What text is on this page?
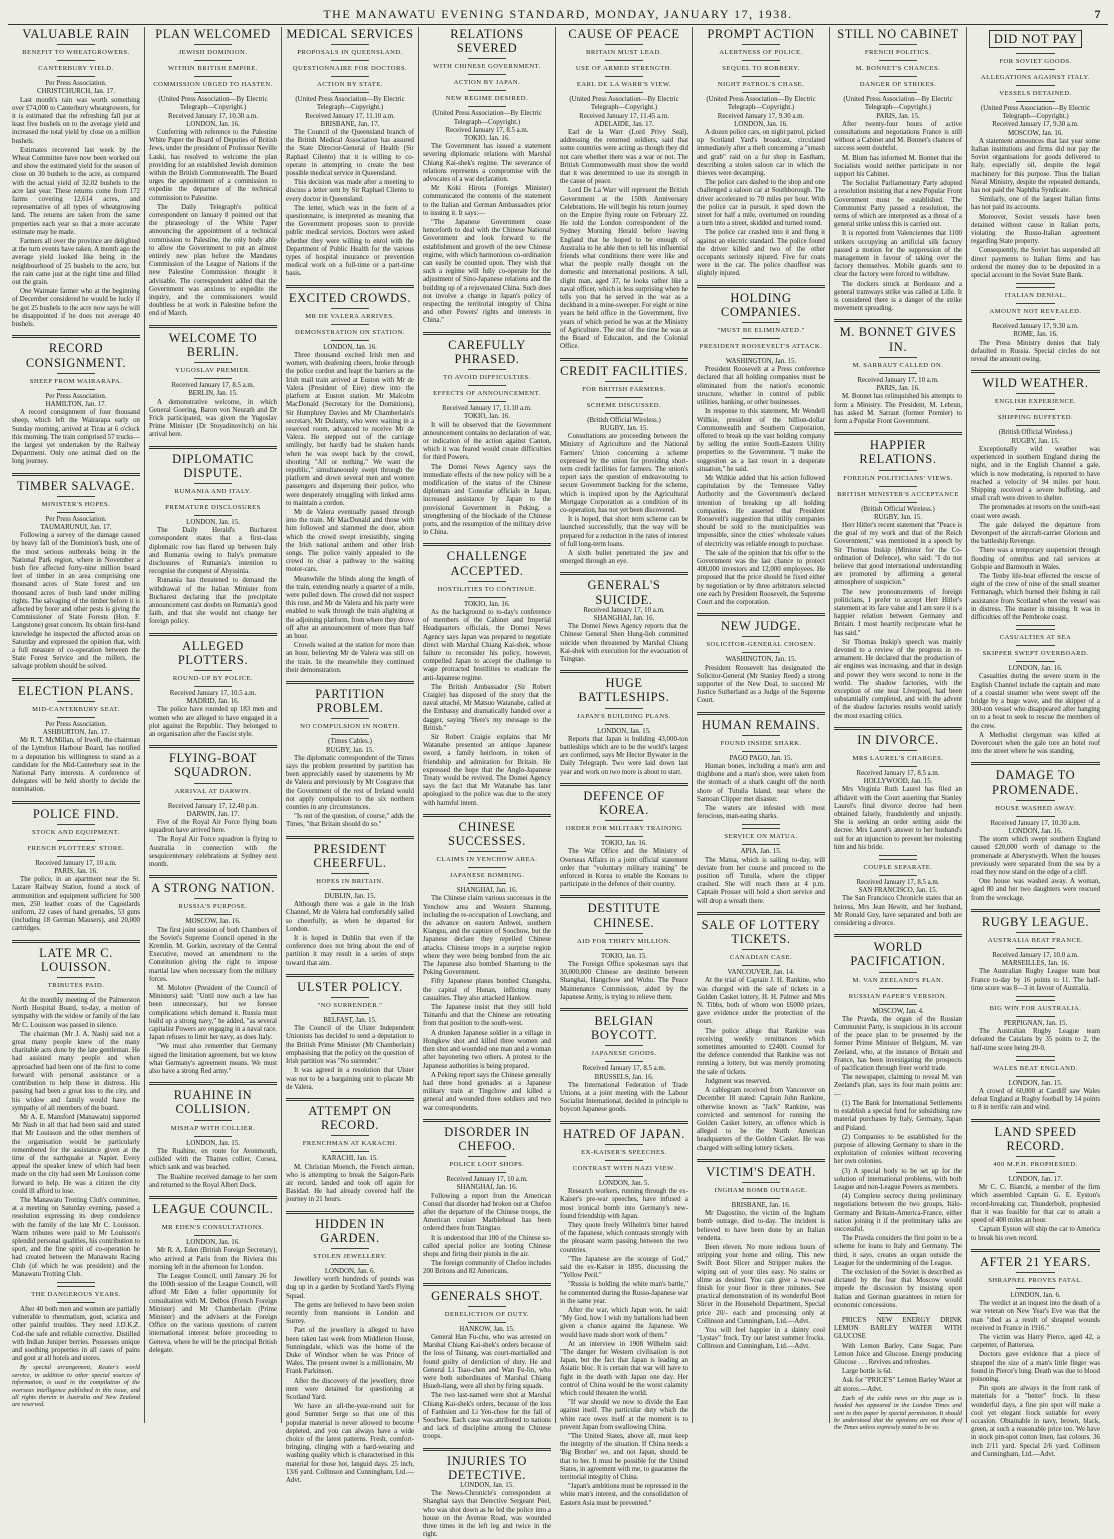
THE MANAWATU EVENING STANDARD, MONDAY, JANUARY 17, 1938.	7
VALUABLE RAIN
BENEFIT TO WHEATGROWERS.
CANTERBURY YIELD.
Per Press Association.
CHRISTCHURCH, Jan. 17.

Last month's rain was worth something over £74,000 to Canterbury wheatgrowers, for it is estimated that the refreshing fall put at least five bushels on to the average yield and increased the total yield by close on a million bushels.

Estimates recovered last week by the Wheat Committee have now been worked out and show the estimated yield for the season of close on 30 bushels to the acre, as compared with the actual yield of 32.02 bushels to the acre last year. These returns come from 172 farms covering 12,614 acres, and representative of all types of wheatgrowing land. The returns are taken from the same properties each year so that a more accurate estimate may be made.

Farmers all over the province are delighted at the turn events have taken. A month ago the average yield looked like being in the neighbourhood of 25 bushels to the acre, but the rain came just at the right time and filled out the grain.

One Waimate farmer who at the beginning of December considered he would be lucky if he got 25 bushels to the acre now says he will be disappointed if he does not average 40 bushels.

RECORD CONSIGNMENT.
SHEEP FROM WAIRARAPA.
Per Press Association.
HAMILTON, Jan. 17.

A record consignment of four thousand sheep, which left the Wairarapa early on Sunday morning, arrived at Tirau at 6 o'clock this morning. The train comprised 57 trucks—the largest yet undertaken by the Railway Department. Only one animal died on the long journey.

TIMBER SALVAGE.
MINISTER'S HOPES.
Per Press Association.
TAUMARUNUI, Jan. 17.

Following a survey of the damage caused by heavy fall of the Dominion's bush, one of the most serious outbreaks being in the National Park region, where in November a bush fire affected forty-nine million board feet of timber in an area comprising one thousand acres of State forest and ten thousand acres of bush land under milling rights. The salvaging of the timber before it is affected by borer and other pests is giving the Commissioner of State Forests (Hon. F. Langstone) great concern. Its obtain first-hand knowledge he inspected the affected areas on Saturday and expressed the opinion that, with a full measure of co-operation between the State Forest Service and the millers, the salvage problem should be solved.

ELECTION PLANS.
MID-CANTERBURY SEAT.
Per Press Association.
ASHBURTON, Jan. 17.

Mr R. T. McMillan, of Irwell, the chairman of the Lyttelton Harbour Board, has notified to a deputation his willingness to stand as a candidate for the Mid-Canterbury seat in the National Party interests. A conference of delegates will be held shortly to decide the nomination.

POLICE FIND.
STOCK AND EQUIPMENT.
FRENCH PLOTTERS' STORE.
Received January 17, 10 a.m.
PARIS, Jan. 16.

The police, in an apartment near the St. Lazare Railway Station, found a stock of ammunition and equipment sufficient for 500 men, 250 leather coats of the Cagoulards uniform, 22 cases of hand grenades, 53 guns (including 18 German Mausers), and 20,000 cartridges.

LATE MR C. LOUISSON.
TRIBUTES PAID.

At the monthly meeting of the Palmerston North Hospital Board, to-day, a motion of sympathy with the widow or family of the late Mr C. Louisson was passed in silence.

The chairman (Mr J. A. Nash) said not a great many people knew of the many charitable acts done by the late gentleman. He had assisted many people and when approached had been one of the first to come forward with personal assistance or a contribution to help those in distress. His passing had been a great loss to the city, and his widow and family would have the sympathy of all members of the board.

Mr A. E. Mansford (Manawatu) supported Mr Nash in all that had been said and stated that Mr Louisson and the other members of the organisation would be particularly remembered for the assistance given at the time of the earthquake at Napier. Every appeal the speaker knew of which had been made on the city had seen Mr Louisson come forward to help. He was a citizen the city could ill afford to lose.

The Manawatu Trotting Club's committee, at a meeting on Saturday evening, passed a resolution expressing its deep condolence with the family of the late Mr C. Louisson. Warm tributes were paid to Mr Louisson's splendid personal qualities, his contribution to sport, and the fine spirit of co-operation he had created between the Manawatu Racing Club (of which he was president) and the Manawatu Trotting Club.

THE DANGEROUS YEARS.

After 40 both men and women are partially vulnerable to rheumatism, gout, sciatica and other painful troubles. They need J.D.K.Z. Cod-the safe and reliable corrective. Distilled with Indian Juniper berries. Possesses unique and soothing properties in all cases of pains and gout at all hotels and stores.

By special arrangement, Reuter's world service, in addition to other special sources of information, is used in the compilation of the overseas intelligence published in this issue, and all rights therein in Australia and New Zealand are reserved.

PLAN WELCOMED
JEWISH DOMINION.
WITHIN BRITISH EMPIRE.
COMMISSION URGED TO HASTEN.
(United Press Association—By Electric Telegraph—Copyright.)
Received January 17, 10.30 a.m.
LONDON, Jan. 16.

Conferring with reference to the Palestine White Paper the Board of Deputies of British Jews, under the president of Professor Neville Laski, has resolved to welcome the plan providing for an established Jewish dominion within the British Commonwealth. The Board urges the appointment of a commission to expedite the departure of the technical commission to Palestine.

The Daily Telegraph's political correspondent on January 8 pointed out that the phraseology of the White Paper announcing the appointment of a technical commission to Palestine, the only body able to allow the Government to put an almost entirely new plan before the Mandates Commission of the League of Nations if the new Palestine Commission thought it advisable. The correspondent added that the Government was anxious to expedite the inquiry, and the commissioners would doubtless be at work in Palestine before the end of March.

WELCOME TO BERLIN.
YUGOSLAV PREMIER.
Received January 17, 8.5 a.m.
BERLIN, Jan. 15.

A demonstrative welcome, in which General Goering, Baron von Neurath and Dr Frick participated, was given the Yugoslav Prime Minister (Dr Stoyadinovitch) on his arrival here.

DIPLOMATIC DISPUTE.
RUMANIA AND ITALY.
PREMATURE DISCLOSURES
LONDON, Jan. 15.

The Daily Herald's Bucharest correspondent states that a first-class diplomatic row has flared up between Italy and Rumania owing to Italy's premature disclosures of Rumania's intention to recognise the conquest of Abyssinia.

Rumania has threatened to demand the withdrawal of the Italian Minister from Bucharest declaring that the precipitate announcement cast doubts on Rumania's good faith, and that she would not change her foreign policy.

ALLEGED PLOTTERS.
ROUND-UP BY POLICE.
Received January 17, 10.5 a.m.
MADRID, Jan. 16.

The police have rounded up 183 men and women who are alleged to have engaged in a plot against the Republic. They belonged to an organisation after the Fascist style.

FLYING-BOAT SQUADRON.
ARRIVAL AT DARWIN.
Received January 17, 12.40 p.m.
DARWIN, Jan. 17.

Five of the Royal Air Force flying boats squadron have arrived here.

The Royal Air Force squadron is flying to Australia in connection with the sesquicentenary celebrations at Sydney next month.

A STRONG NATION.
RUSSIA'S PURPOSE.
MOSCOW, Jan. 16.

The first joint session of both Chambers of the Soviet's Supreme Council opened in the Kremlin. M. Gorkin, secretary of the Central Executive, moved an amendment to the Constitution giving the right to impose martial law when necessary from the military forces.

M. Molotov (President of the Council of Ministers) said: "Until now such a law has been unnecessary, but we foresee complications which demand it. Russia must build up a strong navy," he added, "as several capitalist Powers are engaging in a naval race. Japan refuses to limit her navy, as does Italy.

"We must also remember that Germany signed the limitation agreement, but we know what Germany's agreement means. We must also have a strong Red army."

RUAHINE IN COLLISION.
MISHAP WITH COLLIER.
LONDON, Jan. 15.

The Ruahine, en route for Avonmouth, collided with the Thames collier, Corsea, which sank and was beached.

The Ruahine received damage to her stem and returned to the Royal Albert Dock.

LEAGUE COUNCIL.
MR EDEN'S CONSULTATIONS.
LONDON, Jan. 16.

Mr R. A. Eden (British Foreign Secretary), who arrived at Paris from the Riviera this morning left in the afternoon for London.

The League Council, until January 26 for the 100th session of the League Council, will afford Mr Eden a fuller opportunity for consultation with M. Delbos (French Foreign Minister) and Mr Chamberlain (Prime Minister) and the advisers at the Foreign Office on the various questions of current international interest before proceeding to Geneva, where he will be the principal British delegate.

MEDICAL SERVICES
PROPOSALS IN QUEENSLAND.
QUESTIONNAIRE FOR DOCTORS.
ACTION BY STATE.
(United Press Association—By Electric Telegraph—Copyright.)
Received January 17, 11.10 a.m.
BRISBANE, Jan. 17.

The Council of the Queensland branch of the British Medical Association has assured the State Director-General of Health (Sir Raphael Cilento) that it is willing to co-operate in attempting to create the best possible medical service in Queensland.

This decision was made after a meeting to discuss a letter sent by Sir Raphael Cilento to every doctor in Queensland.

The letter, which was in the form of a questionnaire, is interpreted as meaning that the Government proposes soon to provide public medical services. Doctors were asked whether they were willing to enrol with the Department of Public Health for the various types of hospital insurance or prevention medical work on a full-time or a part-time basis.

EXCITED CROWDS.
MR DE VALERA ARRIVES.
DEMONSTRATION ON STATION.
LONDON, Jan. 16.

Three thousand excited Irish men and women, with deafening cheers, broke through the police cordon and leapt the barriers as the Irish mail train arrived at Euston with Mr de Valera (President of Eire) drew into the platform at Euston station. Mr Malcolm MacDonald (Secretary for the Dominions), Sir Humphrey Davies and Mr Chamberlain's secretary, Mr Dulanty, who were waiting in a reserved room, advanced to receive Mr de Valera. He stepped out of the carriage smilingly, but hardly had he shaken hands when he was swept back by the crowd, shouting "All or nothing." We want the republic," simultaneously swept through the platform and down several men and women passengers and dispersing their police, who were desperately struggling with linked arms to maintain a cordon.

Mr de Valera eventually passed through into the train. Mr MacDonald and those with him followed and slammed the door, about which the crowd swept irresistibly, singing the Irish national anthem and other Irish songs. The police vainly appealed to the crowd to clear a pathway to the waiting motor-cars.

Meanwhile the blinds along the length of the train, extending nearly a quarter of a mile, were pulled down. The crowd did not suspect this ruse, and Mr de Valera and his party were enabled to walk through the train alighting at the adjoining platform, from where they drove off after an announcement of more than half an hour.

Crowds waited at the station for more than an hour, believing Mr de Valera was still on the train. In the meanwhile they continued their demonstration.

PARTITION PROBLEM.
NO COMPULSION IN NORTH.
(Times Cables.)
RUGBY, Jan. 15.

The diplomatic correspondent of the Times says the problem presented by partition has been appreciably eased by statements by Mr de Valera and previously by Mr Cosgrave that the Government of the rest of Ireland would not apply compulsion to the six northern counties in any circumstances.

"Is out of the question, of course," adds the Times, "that Britain should do so."

PRESIDENT CHEERFUL.
HOPES IN BRITAIN.
DUBLIN, Jan. 15.

Although there was a gale in the Irish Channel, Mr de Valera had comfortably sailed so cheerfully, as when he departed for London.

It is hoped in Dublin that even if the conference does not bring about the end of partition it may result in a series of steps toward that aim.

ULSTER POLICY.
"NO SURRENDER."
BELFAST, Jan. 15.

The Council of the Ulster Independent Unionists has decided to send a deputation to the British Prime Minister (Mr Chamberlain) emphasising that the policy on the question of Irish partition was "No surrender."

It was agreed in a resolution that Ulster was not to be a bargaining unit to placate Mr de Valera.

ATTEMPT ON RECORD.
FRENCHMAN AT KARACHI.
KARACHI, Jan. 15.

M. Christian Moench, the French airman, who is attempting to break the Saigon-Paris air record, landed and took off again for Basidad. He had already covered half the journey in 21 hours.

HIDDEN IN GARDEN.
STOLEN JEWELLERY.
LONDON, Jan. 6.

Jewellery worth hundreds of pounds was dug up in a garden by Scotland Yard's Flying Squad.

The gems are believed to have been stolen recently from mansions in London and Surrey.

Part of the jewellery is alleged to have been taken last week from Middleton House, Sunningdale, which was the home of the Duke of Windsor when he was Prince of Wales. The present owner is a millionaire, Mr Frank Parkinson.

After the discovery of the jewellery, three men were detained for questioning at Scotland Yard.

We have an all-the-year-round suit for good Summer Serge so that one of this popular material is never allowed to become depleted, and you can always have a wide choice of the latest patterns. Fresh, comfort-bringing, clinging with a hard-wearing and washing quality which is characterised in this material for those hot, languid days. 25 inch, 13/6 yard. Collinson and Cunningham, Ltd.—Advt.

RELATIONS SEVERED
WITH CHINESE GOVERNMENT.
ACTION BY JAPAN.
NEW REGIME DESIRED.
(United Press Association—By Electric Telegraph—Copyright.)
Received January 17, 8.5 a.m.
TOKIO, Jan. 16.

The Government has issued a statement severing diplomatic relations with Marshal Chiang Kai-shek's regime. The severance of relations represents a compromise with the advocates of a war declaration.

Mr Koki Hirota (Foreign Minister) communicated the contents of the statement to the Italian and German Ambassadors prior to issuing it. It says:—

"The Japanese Government cease henceforth to deal with the Chinese National Government and look forward to the establishment and growth of the new Chinese regime, with which harmonious co-ordination can easily be counted upon. They wish that such a regime will fully co-operate for the adjustment of Sino-Japanese relations and the building up of a rejuvenated China. Such does not involve a change in Japan's policy of respecting the territorial integrity of China and other Powers' rights and interests in China."

CAREFULLY PHRASED.
TO AVOID DIFFICULTIES.
EFFECTS OF ANNOUNCEMENT.
Received January 17, 11.10 a.m.
TOKIO, Jan. 16.

It will be observed that the Government announcement contains no declaration of war, or indication of the action against Canton, which it was feared would create difficulties for third Powers.

The Domei News Agency says the immediate effects of the new policy will be a modification of the status of the Chinese diplomats and Consular officials in Japan, increased assistance by Japan to the provisional Government in Peking, a strengthening of the blockade of the Chinese ports, and the resumption of the military drive in China.

CHALLENGE ACCEPTED.
HOSTILITIES TO CONTINUE.
TOKIO, Jan. 16.

As the background to to-day's conference of members of the Cabinet and Imperial Headquarters officials, the Domei News Agency says Japan was prepared to negotiate direct with Marshal Chiang Kai-shek, whose failure to reconsider his policy, however, compelled Japan to accept the challenge to wage protracted hostilities to eradicate the anti-Japanese regime.

The British Ambassador (Sir Robert Craigie) has disposed of the story that the naval attaché, Mr Matsuo Watanabe, called at the Embassy and dramatically handed over a dagger, saying "Here's my message to the British."

Sir Robert Craigie explains that Mr Watanabe presented an antique Japanese sword, a family heirloom, in token of friendship and admiration for Britain. He expressed the hope that the Anglo-Japanese Treaty would be revived. The Domei Agency says the fact that Mr Watanabe has later apologised to the police was due to the story with harmful intent.

CHINESE SUCCESSES.
CLAIMS IN YENCHOW AREA.
JAPANESE BOMBING.
SHANGHAI, Jan. 16.

The Chinese claim various successes in the Yenchow area and Western Shantung, including the re-occupation of Lowchang, and the advance on eastern Anhwei, southern Kiangsu, and the capture of Soochow, but the Japanese declare they repelled Chinese attacks. Chinese troops in a surprise region where they were being bombed from the air. The Japanese also bombed Shantung to the Peking Government.

Fifty Japanese planes bombed Changsha, the capital of Hunan, inflicting many casualties. They also attacked Hankow.

The Japanese insist that they still hold Tsinanfu and that the Chinese are retreating from that position to the south-west.

A drunken Japanese soldier in a village in Hongkew shot and killed three women and then shot and wounded one man and a woman after bayoneting two others. A protest to the Japanese authorities is being prepared.

A Peking report says the Chinese generally had three bond grenades at a Japanese military train at Tingchow and killed a general and wounded three soldiers and two war correspondents.

DISORDER IN CHEFOO.
POLICE LOOT SHOPS.
Received January 17, 10 a.m.
SHANGHAI, Jan. 16.

Following a report from the American Consul that disorder had broken out at Chefoo after the departure of the Chinese troops, the American cruiser Marblehead has been ordered there from Tsingtao.

It is understood that 100 of the Chinese so-called special police are looting Chinese shops and firing their pistols in the air.

The foreign community of Chefoo includes 200 Britons and 82 Americans.

GENERALS SHOT.
DERELICTION OF DUTY.
HANKOW, Jan. 15.

General Han Fu-chu, who was arrested on Marshal Chiang Kai-shek's orders because of the loss of Tsinang, was court-martialled and found guilty of dereliction of duty. He and General Li Tsao-chen and Wan Fu-lin, who were both subordinates of Marshal Chiang Hsueh-liang, were all shot by firing squads.

The two last-named were shot at Marshal Chiang Kai-shek's orders, because of the loss of Fanhsien and Li Yen-chow for the fall of Soochow. Each case was attributed to nations and lack of discipline among the Chinese troops.

INJURIES TO DETECTIVE.
LONDON, Jan. 15.

The News-Chronicle's correspondent at Shanghai says that Detective Sergeant Peel, who was shot down as he led the police into a house on the Avenue Road, was wounded three times in the left leg and twice in the right.

CAUSE OF PEACE
BRITAIN MUST LEAD.
USE OF ARMED STRENGTH.
EARL DE LA WARR'S VIEW.
(United Press Association—By Electric Telegraph—Copyright.)
Received January 17, 11.45 a.m.
ADELAIDE, Jan. 17.

Earl de la Warr (Lord Privy Seal), addressing the returned soldiers, said that some countries were acting as though they did not care whether there was a war or not. The British Commonwealth must show the world that it was determined to use its strength in the cause of peace.

Lord De La Warr will represent the British Government at the 150th Anniversary Celebrations. He will begin his return journey on the Empire flying route on February 22. He told the London correspondent of the Sydney Morning Herald before leaving England that he hoped to be enough of Australia to be able then to tell his influential friends what conditions there were like and what the people really thought on the domestic and international positions. A tall, slight man, aged 37, he looks rather like a naval officer, which is less surprising when he tells you that he served in the war as a deckhand in a mine-sweeper. For eight or nine years he held office in the Government, five years of which period he was at the Ministry of Agriculture. The rest of the time he was at the Board of Education, and the Colonial Office.

CREDIT FACILITIES.
FOR BRITISH FARMERS.
SCHEME DISCUSSED.
(British Official Wireless.)
RUGBY, Jan. 15.

Consultations are proceeding between the Ministry of Agriculture and the National Farmers' Union concerning a scheme expressed by the union for providing short-term credit facilities for farmers. The union's report says the question of endeavouring to secure Government backing for the scheme, which is inspired upon by the Agricultural Mortgage Corporation as a condition of its co-operation, has not yet been discovered.

It is hoped, that short term scheme can be launched successfully, that the way will be prepared for a reduction in the rates of interest of full long-term loans.

A sixth bullet penetrated the jaw and emerged through an eye.

GENERAL'S SUICIDE.
Received January 17, 10 a.m.
SHANGHAI, Jan. 16.

The Domei News Agency reports that the Chinese General Shen Hung-lieh committed suicide when threatened by Marshal Chiang Kai-shek with execution for the evacuation of Tsingtao.

HUGE BATTLESHIPS.
JAPAN'S BUILDING PLANS.
LONDON, Jan. 15.

Reports that Japan is building 43,000-ton battleships which are to be the world's largest are confirmed, says Mr Hector Bywater in the Daily Telegraph. Two were laid down last year and work on two more is about to start.

DEFENCE OF KOREA.
ORDER FOR MILITARY TRAINING
TOKIO, Jan. 16.

The War Office and the Ministry of Overseas Affairs in a joint official statement order that "voluntary military training" be enforced in Korea to enable the Koreans to participate in the defence of their country.

DESTITUTE CHINESE.
AID FOR THIRTY MILLION.
TOKIO, Jan. 15.

The Foreign Office spokesman says that 30,000,000 Chinese are destitute between Shanghai, Hangchow and Wuhu. The Peace Maintenance Commission, aided by the Japanese Army, is trying to relieve them.

BELGIAN BOYCOTT.
JAPANESE GOODS.
Received January 17, 8.5 a.m.
BRUSSELS, Jan. 16.

The International Federation of Trade Unions, at a joint meeting with the Labour Socialist International, decided in principle to boycott Japanese goods.

HATRED OF JAPAN.
EX-KAISER'S SPEECHES.
CONTRAST WITH NAZI VIEW.
LONDON, Jan. 5.

Research workers, running through the ex-Kaiser's pre-war speeches, have infused a most ironical bomb into Germany's new-found friendship with Japan.

They quote freely Wilhelm's bitter hatred of the Japanese, which contrasts strongly with the pleasant warm passing between the two countries.

"The Japanese are the scourge of God," said the ex-Kaiser in 1895, discussing the "Yellow Peril."

"Russia is holding the white man's battle," he commented during the Russo-Japanese war in the same year.

After the war, which Japan won, he said: "My God, how I wish my battalions had been given a chance against the Japanese. We would have made short work of them."

At an interview in 1908 Wilhelm said: "The danger for Western civilisation is not Japan, but the fact that Japan is leading an Asiatic bloc. It is certain that war will have to fight in the death with Japan one day. Her control of China would be the worst calamity which could threaten the world.

"If war should we now to divide the East against itself. The particular duty which the white race owes itself at the moment is to prevent Japan from swallowing China.

"The United States, above all, must keep the integrity of the situation. If China needs a 'Big Brother' we, and not Japan, should be that to her. It must be possible for the United States, in agreement with me, to guarantee the territorial integrity of China.

"Japan's ambitions must be repressed in the white man's interest, and the consolidation of Eastern Asia must be prevented."

PROMPT ACTION
ALERTNESS OF POLICE.
SEQUEL TO ROBBERY.
NIGHT PATROL'S CHASE.
(United Press Association—By Electric Telegraph—Copyright.)
Received January 17, 9.30 a.m.
LONDON, Jan. 16.

A dozen police cars, on night patrol, picked up Scotland Yard's broadcast, circulated immediately after a theft concerning a "smash and grab" raid on a fur shop in Eastham, describing a stolen saloon car in which the thieves were decamping.

The police cars dashed to the shop and one challenged a saloon car at Southborough. The driver accelerated to 70 miles per hour. With the police car in pursuit, it sped down the street for half a mile, overturned on rounding a turn into a street, skidded and turned round.

The police car crashed into it and flung it against an electric standard. The police found the driver killed and two of the other occupants seriously injured. Five fur coats were in the car. The police chauffeur was slightly injured.

HOLDING COMPANIES.
"MUST BE ELIMINATED."
PRESIDENT ROOSEVELT'S ATTACK.
WASHINGTON, Jan. 15.

President Roosevelt at a Press conference declared that all holding companies must be eliminated from the nation's economic structure, whether in control of public utilities, banking, or other businesses.

In response to this statement, Mr Wendell Willkie, president of the billion-dollar Commonwealth and Southern Corporation, offered to break up the vast holding company by selling the entire South-Eastern Utility properties to the Government. "I make the suggestion as a last resort in a desperate situation," he said.

Mr Willkie added that his action followed capitulation by the Tennessee Valley Authority and the Government's declared intention of breaking up all holding companies. He asserted that President Roosevelt's suggestion that utility companies should be sold to the municipalities was impossible, since the cities' wholesale values of electricity was reliable enough to purchase.

The sale of the opinion that his offer to the Government was the last chance to protect 400,000 investors and 12,000 employees. He proposed that the price should be fixed either by negotiation or by three arbitrators selected one each by President Roosevelt, the Supreme Court and the corporation.

NEW JUDGE.
SOLICITOR-GENERAL CHOSEN.
WASHINGTON, Jan. 15.

President Roosevelt has designated the Solicitor-General (Mr Stanley Reed) a strong supporter of the New Deal, to succeed Mr Justice Sutherland as a Judge of the Supreme Court.

HUMAN REMAINS.
FOUND INSIDE SHARK.
PAGO PAGO, Jan. 15.

Human bones, including a man's arm and thighbone and a man's shoe, were taken from the stomach of a shark caught off the north shore of Tutuila Island, near where the Samoan Clipper met disaster.

The waters are infested with most ferocious, man-eating sharks.

SERVICE ON MATUA.
APIA, Jan. 15.

The Matua, which is sailing to-day, will deviate from her course and proceed to the position off Tutuila, where the clipper crashed. She will reach there at 4 p.m. Captain Prosser will hold a short service and will drop a wreath there.

SALE OF LOTTERY TICKETS.
CANADIAN CASE.
VANCOUVER, Jan. 14.

At the trial of Captain J. H. Rankine, who was charged with the sale of tickets in a Golden Casket lottery, H. H. Palmer and Mrs N. Tibbs, both of whom won £6000 prizes, gave evidence under the protection of the court.

The police allege that Rankine was receiving weekly remittances which sometimes amounted to £2400. Counsel for the defence contended that Rankine was not running a lottery, but was merely promoting the sale of tickets.

Judgment was reserved.

A cablegram received from Vancouver on December 18 stated: Captain John Rankine, otherwise known as "Jack" Rankine, was convicted and sentenced for running the Golden Casket lottery, an offence which is alleged to be the North American headquarters of the Golden Casket. He was charged with selling lottery tickets.

VICTIM'S DEATH.
INGHAM BOMB OUTRAGE.
BRISBANE, Jan. 16.

Mr Dagostino, the victim of the Ingham bomb outrage, died to-day. The incident is believed to have been done by an Italian vendetta.

Been eleven. No more tedious hours of stripping your home and oiling. This new Swift Boot Slicer and Stripper makes the wiping out of your tiles easy. No stains or slime as desired. You can give a two-coat finish for your floor in three minutes. See practical demonstration of its wonderful Boot Slicer in the Household Department, Special price 20/- each and processing only at Collinson and Cunningham, Ltd.—Advt.

You will feel happier in a dainty cool "Lystav" frock. Try our latest summer frocks. Collinson and Cunningham, Ltd.—Advt.

STILL NO CABINET
FRENCH POLITICS.
M. BONNET'S CHANCES.
DANGER OF STRIKES.
(United Press Association—By Electric Telegraph—Copyright.)
PARIS, Jan. 15.

After twenty-four hours of active consultations and negotiations France is still without a Cabinet and M. Bonnet's chances of success seem doubtful.

M. Blum has informed M. Bonnet that the Socialists would neither participate in nor support his Cabinet.

The Socialist Parliamentary Party adopted a resolution insisting that a new Popular Front Government must be established. The Communist Party passed a resolution, the terms of which are interpreted as a threat of a general strike unless this is carried out.

It is reported from Valenciennes that 1100 strikers occupying an artificial silk factory passed a motion for the suppression of the management in favour of taking over the factory themselves. Mobile guards sent to clear the factory were forced to withdraw.

The dockers struck at Bordeaux and a general tramways strike was called at Lille. It is considered there is a danger of the strike movement spreading.

M. BONNET GIVES IN.
M. SARRAUT CALLED ON.
Received January 17, 10 a.m.
PARIS, Jan. 16.

M. Bonnet has relinquished his attempts to form a Ministry. The President, M. Lebrun, has asked M. Sarraut (former Premier) to form a Popular Front Government.

HAPPIER RELATIONS.
FOREIGN POLITICIANS' VIEWS.
BRITISH MINISTER'S ACCEPTANCE
(British Official Wireless.)
RUGBY, Jan. 15.

Herr Hitler's recent statement that "Peace is the goal of my work and that of the Reich Government," was mentioned in a speech by Sir Thomas Inskip (Minister for the Co-ordination of Defence), who said: "I do not believe that good international understanding are promoted by affirming a general atmosphere of suspicion."

The new pronouncements of foreign politicians, I prefer to accept Herr Hitler's statement at its face value and I am sure it is a happier relation between Germany and Britain. I most heartily reciprocate what he has said."

Sir Thomas Inskip's speech was mainly devoted to a review of the progress in re-armament. He declared that the production of air engines was increasing, and that in design and power they were second to none in the world. The shadow factories, with the exception of one near Liverpool, had been substantially completed, and with the advent of the shadow factories results would satisfy the most exacting critics.

IN DIVORCE.
MRS LAUREL'S CHARGES.
Received January 17, 8.5 a.m.
HOLLYWOOD, Jan. 15.

Mrs Virginia Ruth Laurel has filed an affidavit with the Court asserting that Stanley Laurel's final divorce decree had been obtained falsely, fraudulently and unjustly. She is seeking an order setting aside the decree. Mrs Laurel's answer to her husband's suit for an injunction to prevent her molesting him and his bride.

COUPLE SEPARATE.
Received January 17, 8.5 a.m.
SAN FRANCISCO, Jan. 15.

The San Francisco Chronicle states that an heiress, Mrs Jean Hewitt, and her husband, Mr Ronald Guy, have separated and both are considering a divorce.

WORLD PACIFICATION.
M. VAN ZEELAND'S PLAN.
RUSSIAN PAPER'S VERSION.
MOSCOW, Jan. 4.

The Pravda, the organ of the Russian Communist Party, is suspicious in its account of the peace plan to be presented by the former Prime Minister of Belgium, M. van Zeeland, who, at the instance of Britain and France, has been investigating the prospects of pacification through freer world trade.

The newspaper, claiming to reveal M. van Zeeland's plan, says its four main points are:—

(1) The Bank for International Settlements to establish a special fund for subsidising raw material purchases by Italy, Germany, Japan and Poland.

(2) Companies to be established for the purpose of allowing Germany to share in the exploitation of colonies without recovering her own colonies.

(3) A special body to be set up for the solution of international problems, with both League and non-League Powers as members.

(4) Complete secrecy during preliminary negotiations between the two groups, Italo-Germany and Britain-America-France, either nation joining it if the preliminary talks are successful.

The Pravda considers the first point to be a scheme for loans to Italy and Germany. The third, it says, creates an organ outside the League for the undermining of the League.

The exclusion of the Soviet is described as dictated by the fear that Moscow would impede the discussion by insisting upon Italian and German guarantees in return for economic concessions.

PRICE'S NEW ENERGY DRINK LEMON BARLEY WATER WITH GLUCOSE

With Lemon Barley, Cane Sugar, Pure Lemon Juice and Glucose. Energy producing Glucose . . . Revives and refreshes.

Large bottle is 6d.

Ask for "PRICE'S" Lemon Barley Water at all stores.—Advt.

Each of the cable news on this page as is headed has appeared in the London Times and sent to this paper by special permission. It should be understood that the opinions are not those of the Times unless expressly stated to be so.

DID NOT PAY
FOR SOVIET GOODS.
ALLEGATIONS AGAINST ITALY.
VESSELS DETAINED.
(United Press Association—By Electric Telegraph—Copyright.)
Received January 17, 9.30 a.m.
MOSCOW, Jan. 16.

A statement announces that last year some Italian institutions and firms did not pay the Soviet organisations for goods delivered to Italy, especially oil, despite the legal machinery for this purpose. Thus the Italian Naval Ministry, despite the repeated demands, has not paid the Naphtha Syndicate.

Similarly, one of the largest Italian firms has not paid its accounts.

Moreover, Soviet vessels have been detained without cause in Italian ports, violating the Russo-Italian agreement regarding State property.

Consequently, the Soviet has suspended all direct payments to Italian firms and has ordered the money due to be deposited in a special account in the Soviet State Bank.

ITALIAN DENIAL.
AMOUNT NOT REVEALED.
Received January 17, 9.30 a.m.
ROME, Jan. 16.

The Press Ministry denies that Italy defaulted to Russia. Special circles do not reveal the amount owing.

WILD WEATHER.
ENGLISH EXPERIENCE.
SHIPPING BUFFETED.
(British Official Wireless.)
RUGBY, Jan. 15.

Exceptionally wild weather was experienced in southern England during the night, and in the English Channel a gale, which is now moderating, is reported to have reached a velocity of 94 miles per hour. Shipping received a severe buffeting, and small craft were driven to shelter.

The promenades at resorts on the south-east coast were awash.

The gale delayed the departure from Devonport of the aircraft-carrier Glorious and the battleship Revenge.

There was a temporary suspension through flooding of omnibus and rail services at Golspie and Barmouth in Wales.

The Tenby life-boat effected the rescue of eight of the crew of nine of the small steamer Fermanagh, which burned their fishing in rail assistance from Scotland when the vessel was in distress. The master is missing. It was in difficulties off the Pembroke coast.

CASUALTIES AT SEA
SKIPPER SWEPT OVERBOARD.
LONDON, Jan. 16.

Casualties during the severe storm in the English Channel include the captain and mate of a coastal steamer who were swept off the bridge by a huge wave, and the skipper of a 300-ton vessel who disappeared after hanging on to a boat to seek to rescue the members of the crew.

A Methodist clergyman was killed at Dovercourt when the gale tore an hotel roof into the street where he was standing.

DAMAGE TO PROMENADE.
HOUSE WASHED AWAY.
Received January 17, 10.30 a.m.
LONDON, Jan. 16.

The storm which swept southern England caused £20,000 worth of damage to the promenade at Aberystwyth. When the houses previously were separated from the sea by a road they now stand on the edge of a cliff.

One house was washed away. A woman, aged 80 and her two daughters were rescued from the wreckage.

RUGBY LEAGUE.
AUSTRALIA BEAT FRANCE.
Received January 17, 10.0 a.m.
MARSEILLES, Jan. 16.

The Australian Rugby League team beat France to-day by 16 points to 11. The half-time score was 8—3 in favour of Australia.

BIG WIN FOR AUSTRALIA.
PERPIGNAN, Jan. 15.

The Australian Rugby League team defeated the Catalans by 35 points to 2, the half-time score being 20-0.

WALES BEAT ENGLAND.
LONDON, Jan. 15.

A crowd of 60,000 at Cardiff saw Wales defeat England at Rugby football by 14 points to 8 in terrific rain and wind.

LAND SPEED RECORD.
400 M.P.H. PROPHESIED.
LONDON, Jan. 17.

Mr C. C. Bianchi, a member of the firm which assembled Captain G. E. Eyston's record-breaking car, Thunderbolt, prophesied that it was feasible for that car to attain a speed of 400 miles an hour.

Captain Eyston will ship the car to America to break his own record.

AFTER 21 YEARS.
SHRAPNEL PROVES FATAL.
LONDON, Jan. 6.

The verdict at an inquest into the death of a war veteran on New Year's Eve was that the man "died as a result of shrapnel wounds received in France in 1916."

The victim was Harry Pierce, aged 42, a carpenter, of Battersea.

Doctors gave evidence that a piece of shrapnel the size of a man's little finger was found in Pierce's lung. Death was due to blood poisoning.

Pin spots are always in the front rank of materials for a "better" frock. In these wonderful days, a fine pin spot will make a cool yet elegant frock suitable for every occasion. Obtainable in navy, brown, black, green, at such a reasonable price too. We have in stock pin-spot cotton linen, fast colours. 36 inch 2/11 yard. Special 2/6 yard. Collinson and Cunningham, Ltd.—Advt.
